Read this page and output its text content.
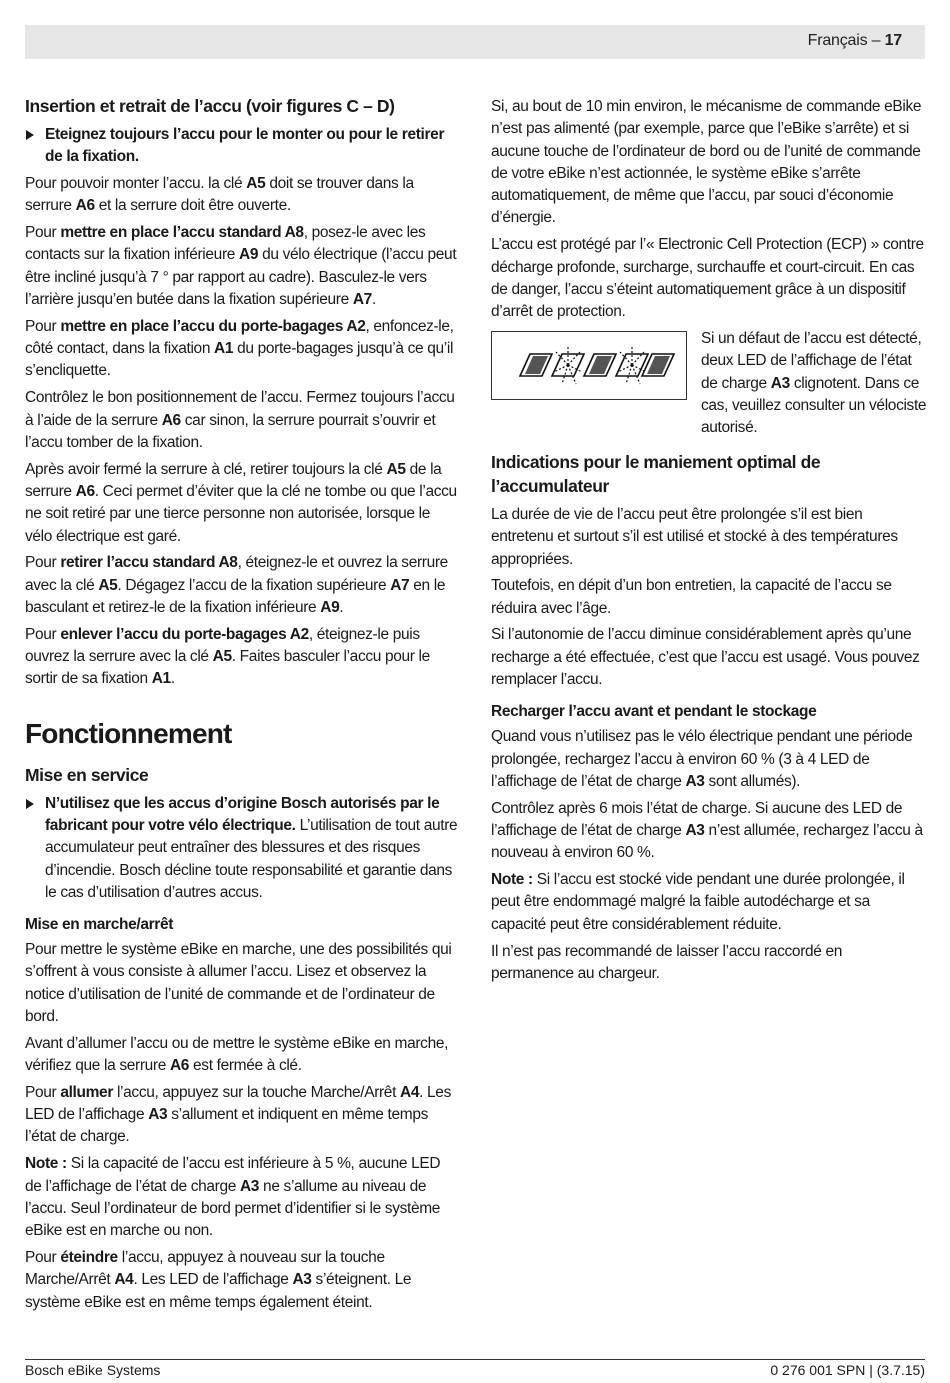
Français – 17
Insertion et retrait de l’accu (voir figures C – D)
Eteignez toujours l’accu pour le monter ou pour le retirer de la fixation.

Pour pouvoir monter l’accu. la clé A5 doit se trouver dans la serrure A6 et la serrure doit être ouverte.

Pour mettre en place l’accu standard A8, posez-le avec les contacts sur la fixation inférieure A9 du vélo électrique (l’accu peut être incliné jusqu’à 7 ° par rapport au cadre). Basculez-le vers l’arrière jusqu’en butée dans la fixation supérieure A7.

Pour mettre en place l’accu du porte-bagages A2, enfoncez-le, côté contact, dans la fixation A1 du porte-bagages jusqu’à ce qu’il s’encliquette.

Contrôlez le bon positionnement de l’accu. Fermez toujours l’accu à l’aide de la serrure A6 car sinon, la serrure pourrait s’ouvrir et l’accu tomber de la fixation.

Après avoir fermé la serrure à clé, retirer toujours la clé A5 de la serrure A6. Ceci permet d’éviter que la clé ne tombe ou que l’accu ne soit retiré par une tierce personne non autorisée, lorsque le vélo électrique est garé.

Pour retirer l’accu standard A8, éteignez-le et ouvrez la serrure avec la clé A5. Dégagez l’accu de la fixation supérieure A7 en le basculant et retirez-le de la fixation inférieure A9.

Pour enlever l’accu du porte-bagages A2, éteignez-le puis ouvrez la serrure avec la clé A5. Faites basculer l’accu pour le sortir de sa fixation A1.

Fonctionnement
Mise en service
N’utilisez que les accus d’origine Bosch autorisés par le fabricant pour votre vélo électrique. L’utilisation de tout autre accumulateur peut entraîner des blessures et des risques d’incendie. Bosch décline toute responsabilité et garantie dans le cas d’utilisation d’autres accus.
Mise en marche/arrêt

Pour mettre le système eBike en marche, une des possibilités qui s’offrent à vous consiste à allumer l’accu. Lisez et observez la notice d’utilisation de l’unité de commande et de l’ordinateur de bord.

Avant d’allumer l’accu ou de mettre le système eBike en marche, vérifiez que la serrure A6 est fermée à clé.

Pour allumer l’accu, appuyez sur la touche Marche/Arrêt A4. Les LED de l’affichage A3 s’allument et indiquent en même temps l’état de charge.

Note : Si la capacité de l’accu est inférieure à 5 %, aucune LED de l’affichage de l’état de charge A3 ne s’allume au niveau de l’accu. Seul l’ordinateur de bord permet d’identifier si le système eBike est en marche ou non.

Pour éteindre l’accu, appuyez à nouveau sur la touche Marche/Arrêt A4. Les LED de l’affichage A3 s’éteignent. Le système eBike est en même temps également éteint.

Si, au bout de 10 min environ, le mécanisme de commande eBike n’est pas alimenté (par exemple, parce que l’eBike s’arrête) et si aucune touche de l’ordinateur de bord ou de l’unité de commande de votre eBike n’est actionnée, le système eBike s’arrête automatiquement, de même que l’accu, par souci d’économie d’énergie.

L’accu est protégé par l’« Electronic Cell Protection (ECP) » contre décharge profonde, surcharge, surchauffe et court-circuit. En cas de danger, l’accu s’éteint automatiquement grâce à un dispositif d’arrêt de protection.

Si un défaut de l’accu est détecté, deux LED de l’affichage de l’état de charge A3 clignotent. Dans ce cas, veuillez consulter un vélociste autorisé.
Indications pour le maniement optimal de l’accumulateur

La durée de vie de l’accu peut être prolongée s’il est bien entretenu et surtout s’il est utilisé et stocké à des températures appropriées.

Toutefois, en dépit d’un bon entretien, la capacité de l’accu se réduira avec l’âge.

Si l’autonomie de l’accu diminue considérablement après qu’une recharge a été effectuée, c’est que l’accu est usagé. Vous pouvez remplacer l’accu.

Recharger l’accu avant et pendant le stockage

Quand vous n’utilisez pas le vélo électrique pendant une période prolongée, rechargez l’accu à environ 60 % (3 à 4 LED de l’affichage de l’état de charge A3 sont allumés).

Contrôlez après 6 mois l’état de charge. Si aucune des LED de l’affichage de l’état de charge A3 n’est allumée, rechargez l’accu à nouveau à environ 60 %.

Note : Si l’accu est stocké vide pendant une durée prolongée, il peut être endommagé malgré la faible autodécharge et sa capacité peut être considérablement réduite.

Il n’est pas recommandé de laisser l’accu raccordé en permanence au chargeur.

Bosch eBike Systems	0 276 001 SPN | (3.7.15)
